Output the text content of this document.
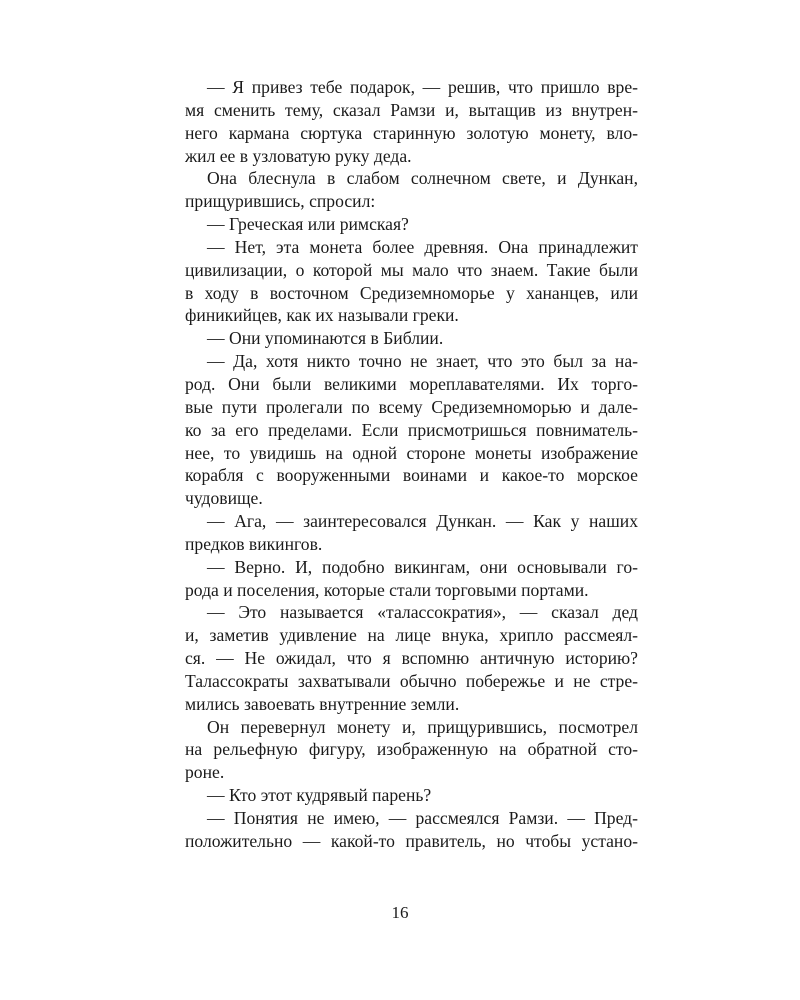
— Я привез тебе подарок, — решив, что пришло вре-
мя сменить тему, сказал Рамзи и, вытащив из внутрен-
него кармана сюртука старинную золотую монету, вло-
жил ее в узловатую руку деда.
Она блеснула в слабом солнечном свете, и Дункан,
прищурившись, спросил:
— Греческая или римская?
— Нет, эта монета более древняя. Она принадлежит
цивилизации, о которой мы мало что знаем. Такие были
в ходу в восточном Средиземноморье у хананцев, или
финикийцев, как их называли греки.
— Они упоминаются в Библии.
— Да, хотя никто точно не знает, что это был за на-
род. Они были великими мореплавателями. Их торго-
вые пути пролегали по всему Средиземноморью и дале-
ко за его пределами. Если присмотришься повниматель-
нее, то увидишь на одной стороне монеты изображение
корабля с вооруженными воинами и какое-то морское
чудовище.
— Ага, — заинтересовался Дункан. — Как у наших
предков викингов.
— Верно. И, подобно викингам, они основывали го-
рода и поселения, которые стали торговыми портами.
— Это называется «талассократия», — сказал дед
и, заметив удивление на лице внука, хрипло рассмеял-
ся. — Не ожидал, что я вспомню античную историю?
Талассократы захватывали обычно побережье и не стре-
мились завоевать внутренние земли.
Он перевернул монету и, прищурившись, посмотрел
на рельефную фигуру, изображенную на обратной сто-
роне.
— Кто этот кудрявый парень?
— Понятия не имею, — рассмеялся Рамзи. — Пред-
положительно — какой-то правитель, но чтобы устано-
16
